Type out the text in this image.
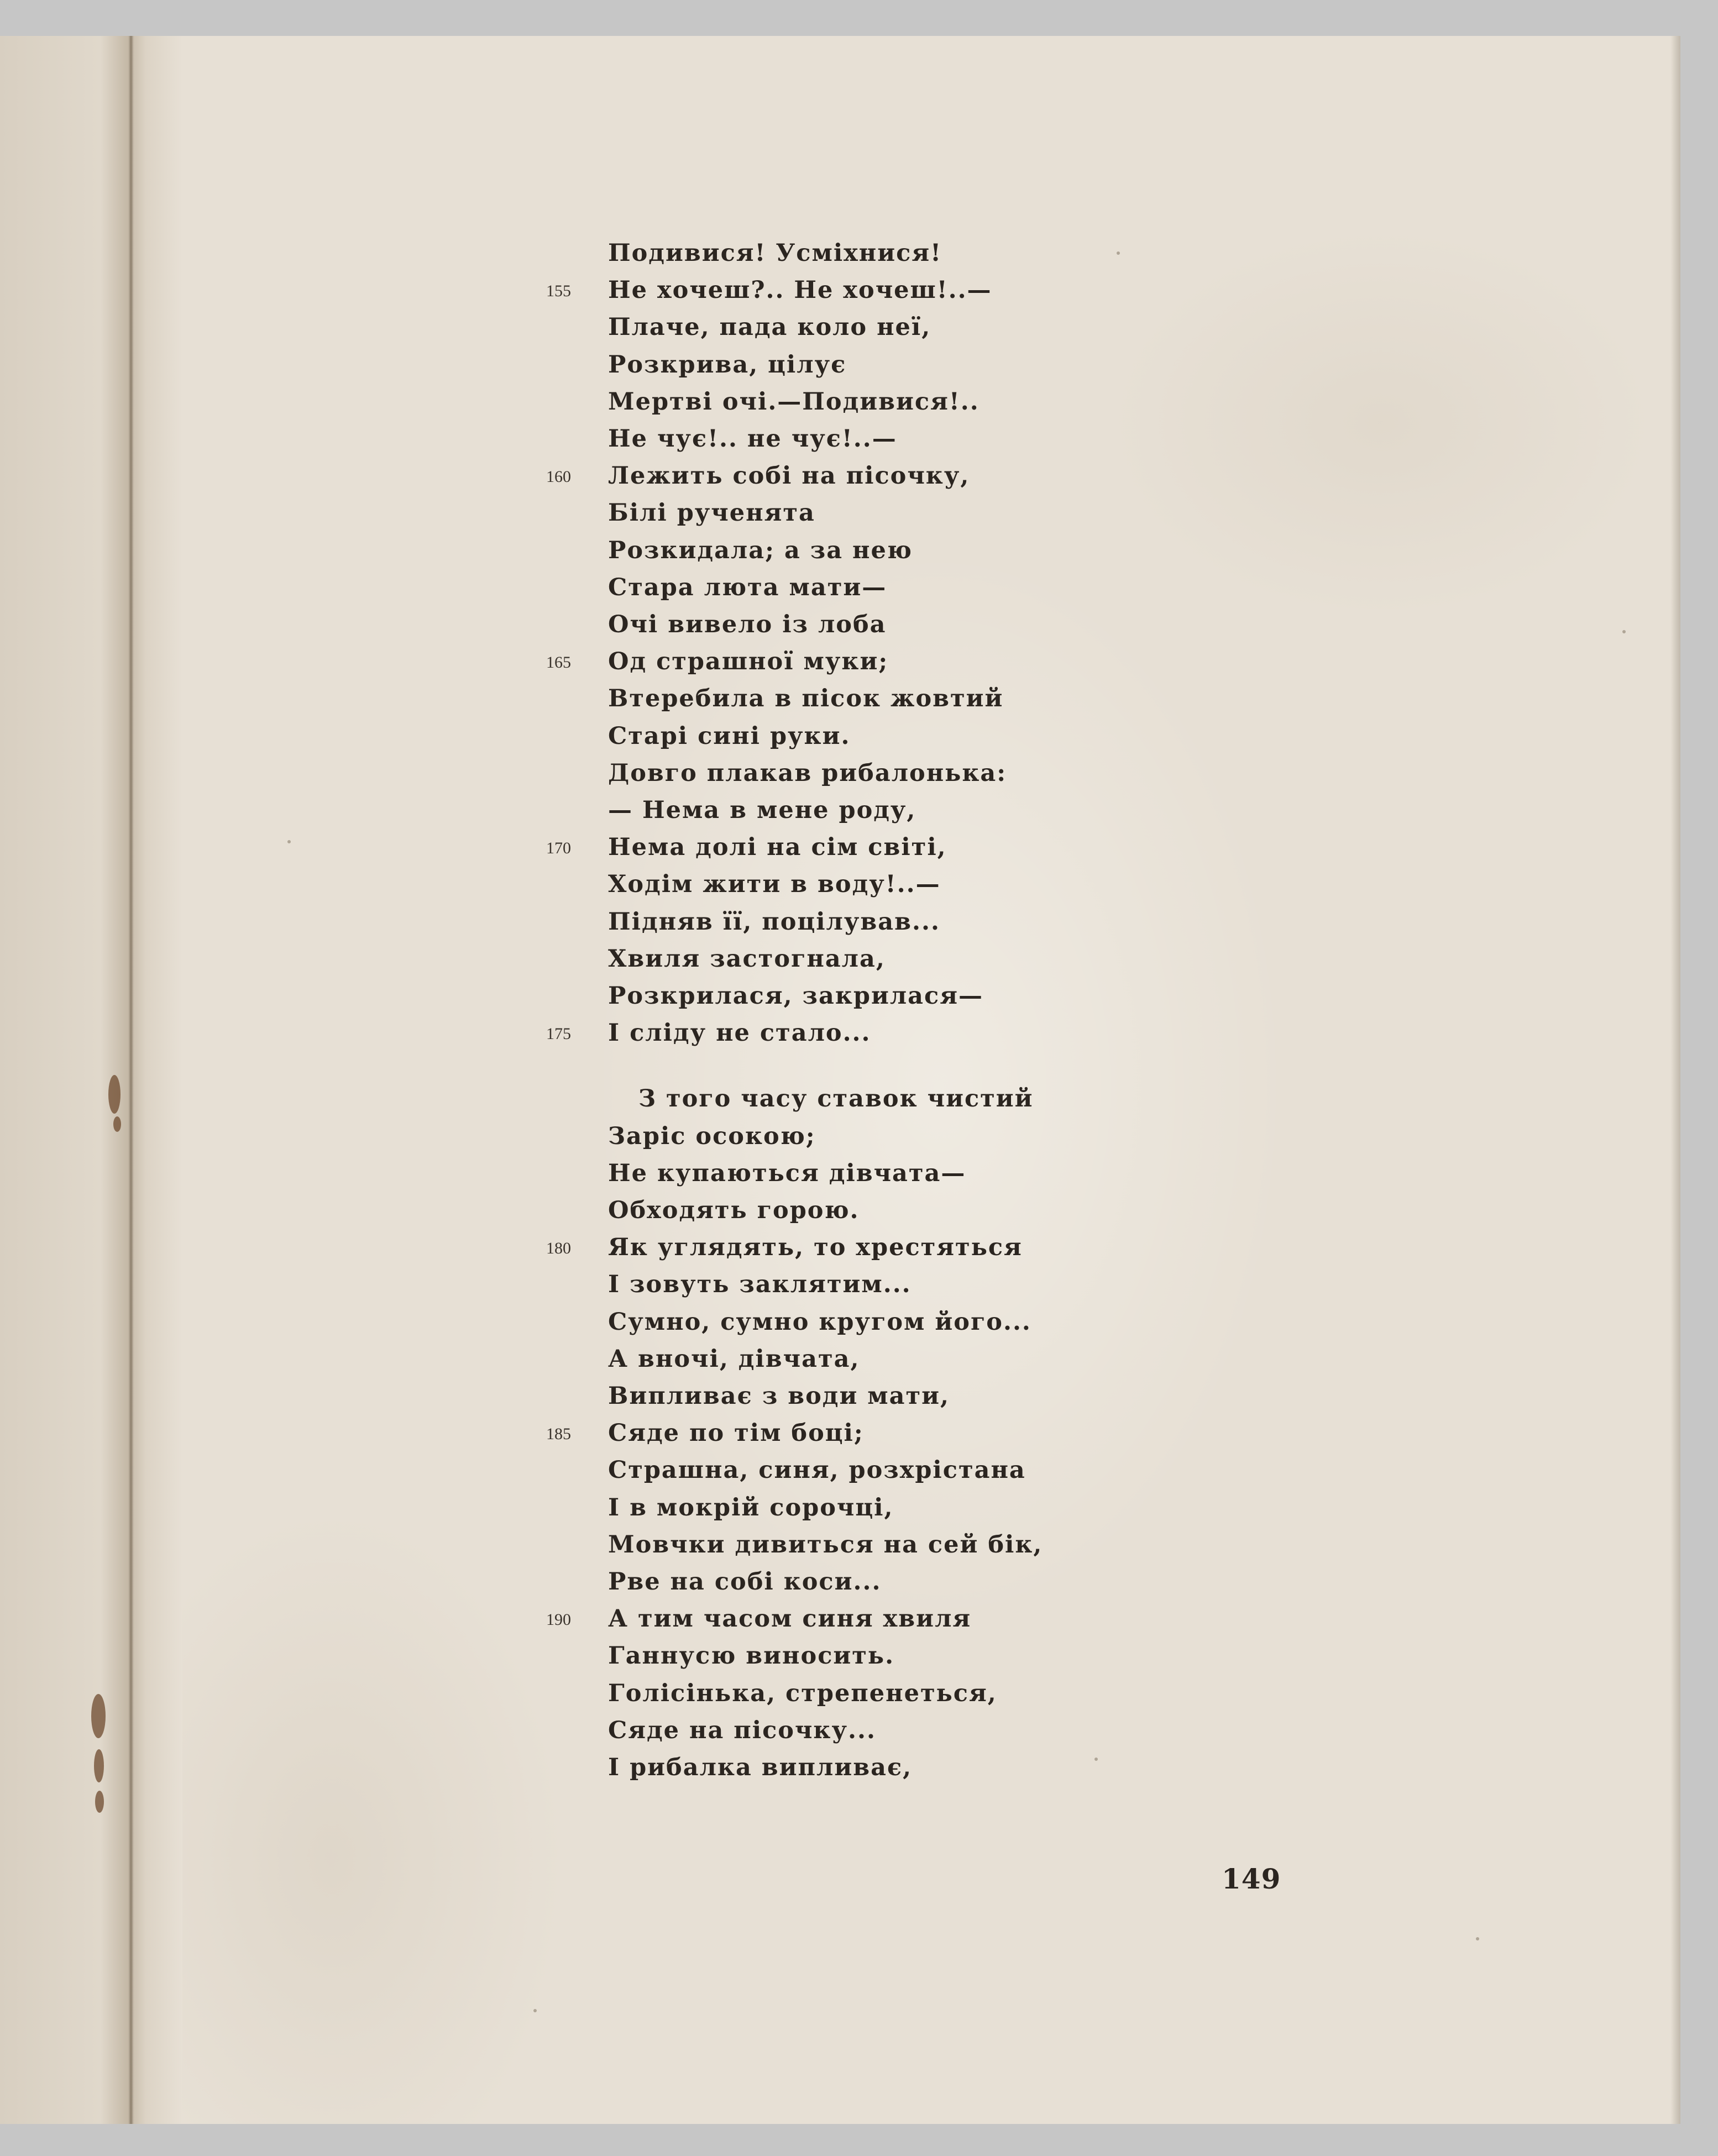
Подивися! Усміхнися!
Не хочеш?.. Не хочеш!..—
155
Плаче, пада коло неї,
Розкрива, цілує
Мертві очі.—Подивися!..
Не чує!.. не чує!..—
Лежить собі на пісочку,
160
Білі рученята
Розкидала; а за нею
Стара люта мати—
Очі вивело із лоба
Од страшної муки;
165
Втеребила в пісок жовтий
Старі сині руки.
Довго плакав рибалонька:
— Нема в мене роду,
Нема долі на сім світі,
170
Ходім жити в воду!..—
Підняв її, поцілував...
Хвиля застогнала,
Розкрилася, закрилася—
І сліду не стало...
175
З того часу ставок чистий
Заріс осокою;
Не купаються дівчата—
Обходять горою.
Як углядять, то хрестяться
180
І зовуть заклятим...
Сумно, сумно кругом його...
А вночі, дівчата,
Випливає з води мати,
Сяде по тім боці;
185
Страшна, синя, розхрістана
І в мокрій сорочці,
Мовчки дивиться на сей бік,
Рве на собі коси...
А тим часом синя хвиля
190
Ганнусю виносить.
Голісінька, стрепенеться,
Сяде на пісочку...
І рибалка випливає,
149
